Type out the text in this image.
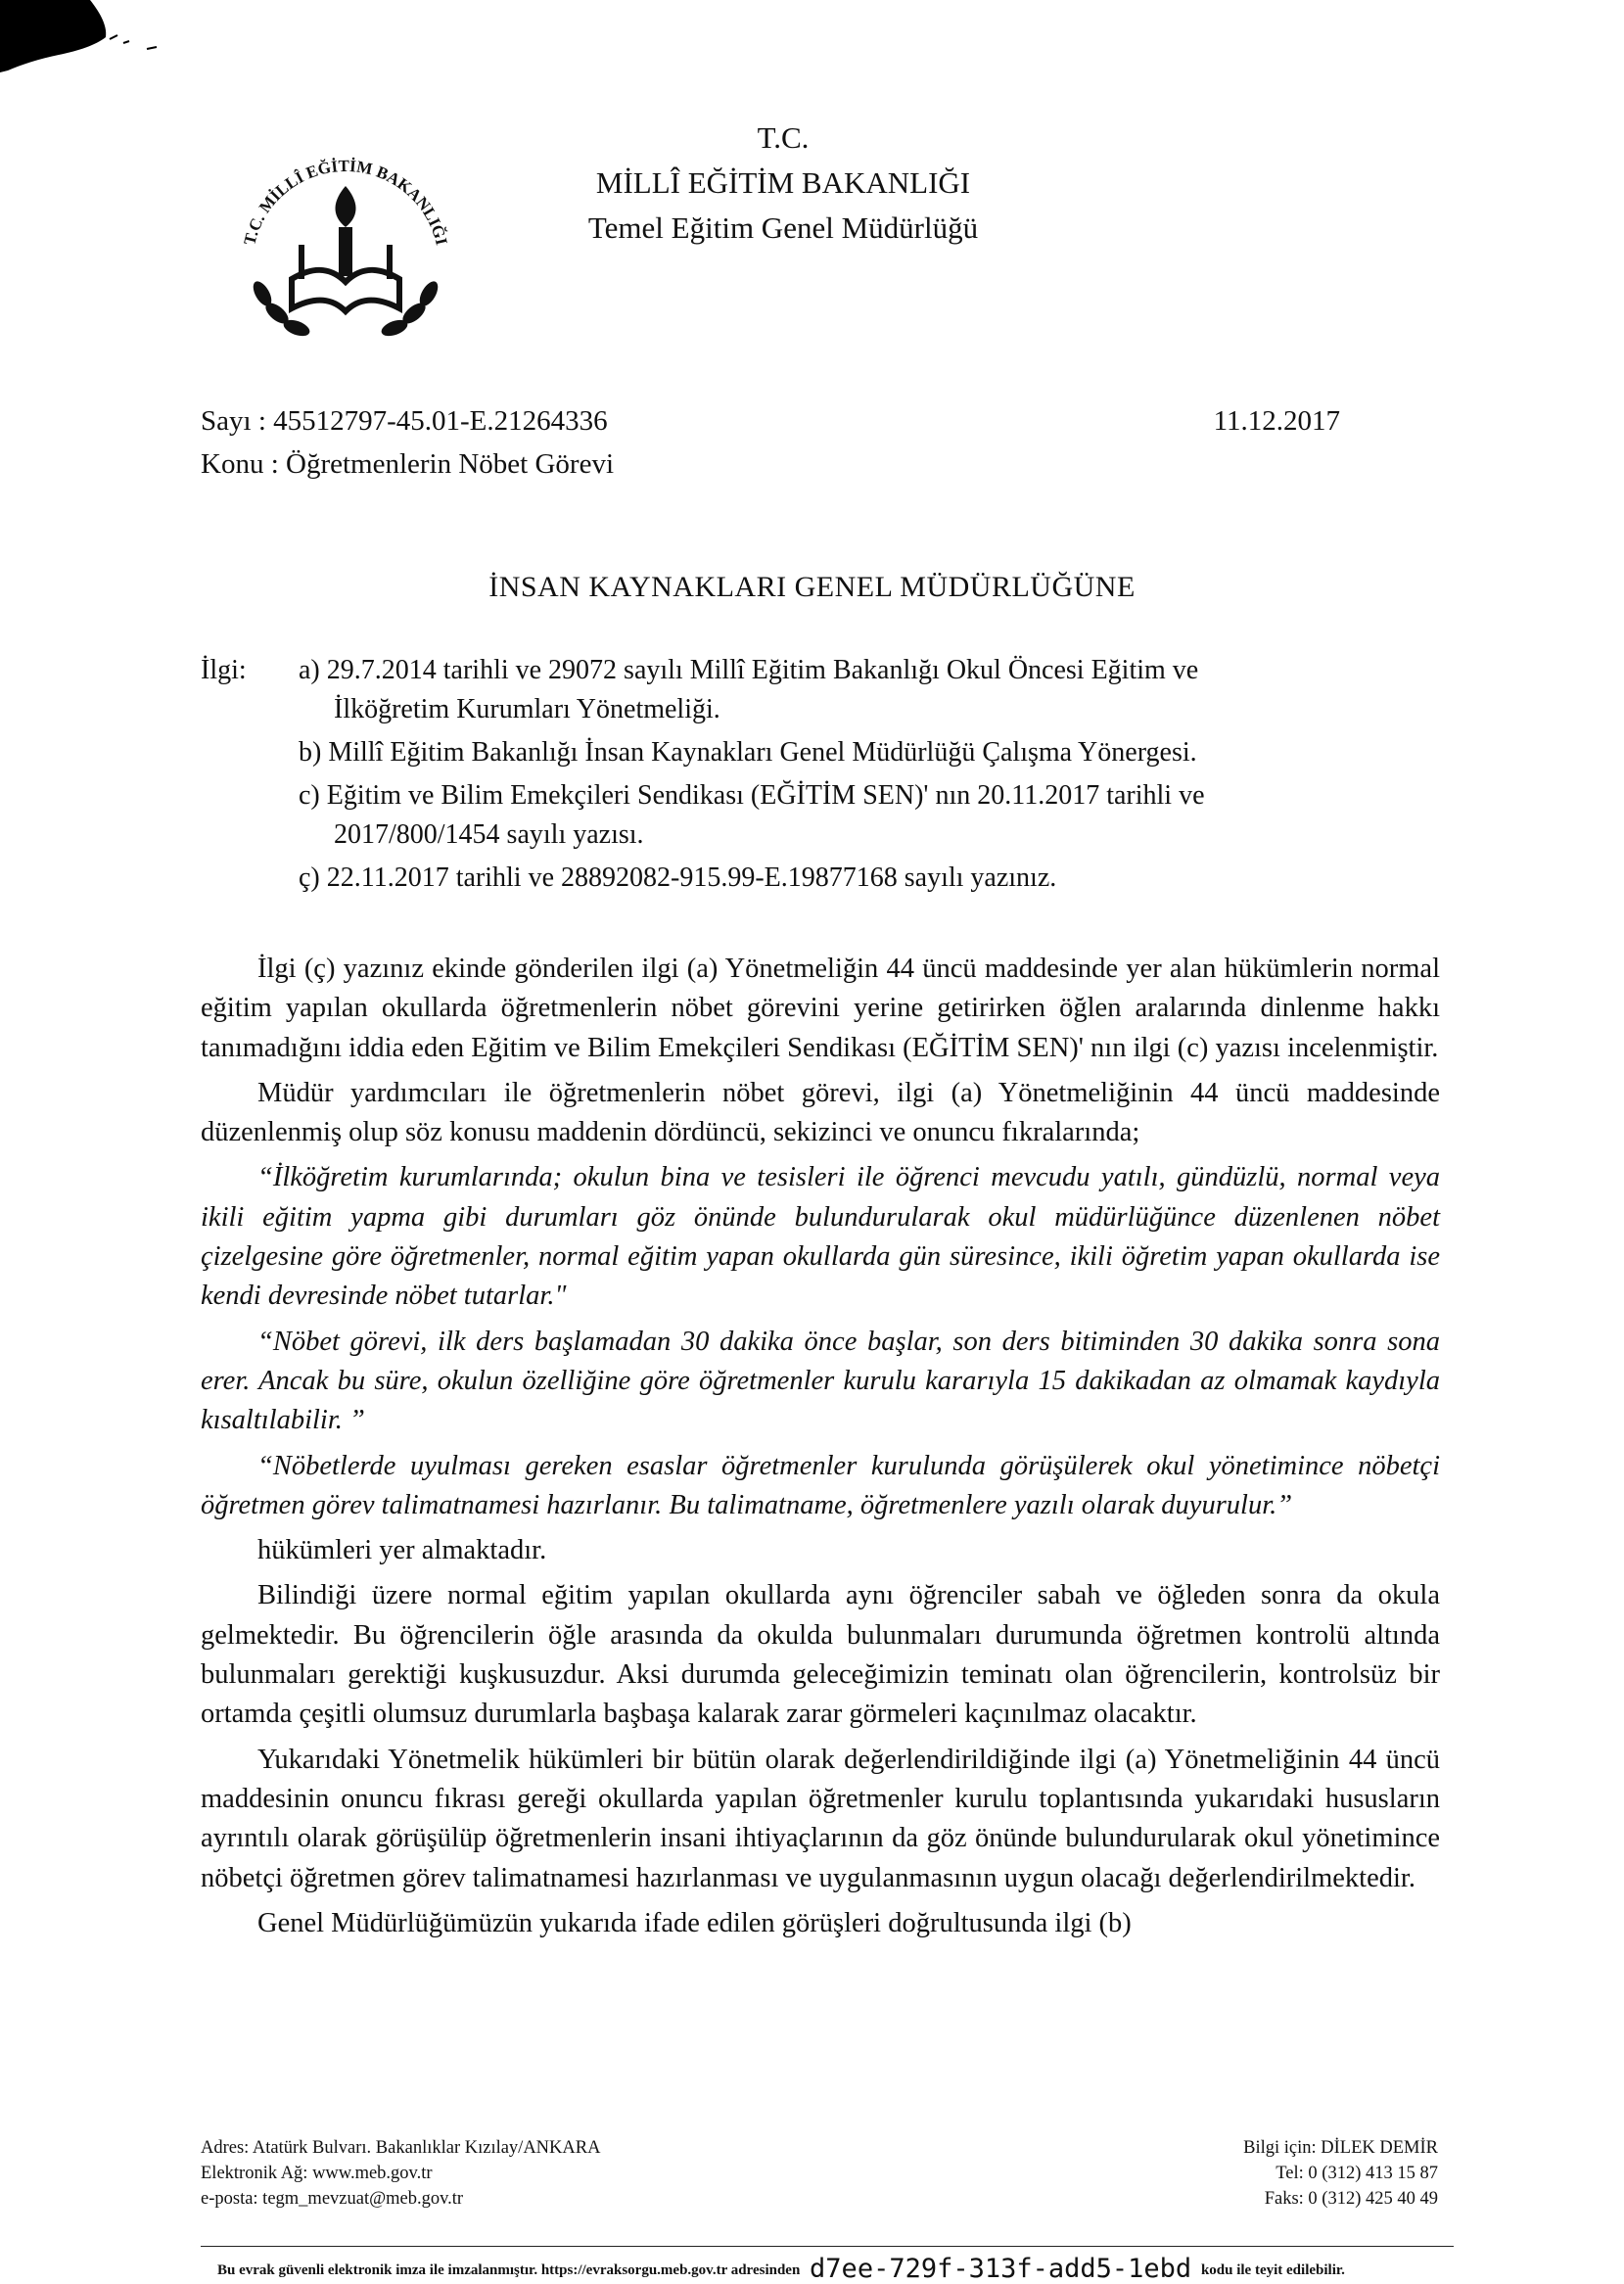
T.C. MİLLÎ EĞİTİM BAKANLIĞI
T.C.
MİLLÎ EĞİTİM BAKANLIĞI
Temel Eğitim Genel Müdürlüğü
Sayı : 45512797-45.01-E.21264336
Konu : Öğretmenlerin Nöbet Görevi
11.12.2017
İNSAN KAYNAKLARI GENEL MÜDÜRLÜĞÜNE
İlgi:	a) 29.7.2014 tarihli ve 29072 sayılı Millî Eğitim Bakanlığı Okul Öncesi Eğitim ve
İlköğretim Kurumları Yönetmeliği.
b) Millî Eğitim Bakanlığı İnsan Kaynakları Genel Müdürlüğü Çalışma Yönergesi.
c) Eğitim ve Bilim Emekçileri Sendikası (EĞİTİM SEN)' nın 20.11.2017 tarihli ve
2017/800/1454 sayılı yazısı.
ç) 22.11.2017 tarihli ve 28892082-915.99-E.19877168 sayılı yazınız.

İlgi (ç) yazınız ekinde gönderilen ilgi (a) Yönetmeliğin 44 üncü maddesinde yer alan hükümlerin normal eğitim yapılan okullarda öğretmenlerin nöbet görevini yerine getirirken öğlen aralarında dinlenme hakkı tanımadığını iddia eden Eğitim ve Bilim Emekçileri Sendikası (EĞİTİM SEN)' nın ilgi (c) yazısı incelenmiştir.

Müdür yardımcıları ile öğretmenlerin nöbet görevi, ilgi (a) Yönetmeliğinin 44 üncü maddesinde düzenlenmiş olup söz konusu maddenin dördüncü, sekizinci ve onuncu fıkralarında;

“İlköğretim kurumlarında; okulun bina ve tesisleri ile öğrenci mevcudu yatılı, gündüzlü, normal veya ikili eğitim yapma gibi durumları göz önünde bulundurularak okul müdürlüğünce düzenlenen nöbet çizelgesine göre öğretmenler, normal eğitim yapan okullarda gün süresince, ikili öğretim yapan okullarda ise kendi devresinde nöbet tutarlar."

“Nöbet görevi, ilk ders başlamadan 30 dakika önce başlar, son ders bitiminden 30 dakika sonra sona erer. Ancak bu süre, okulun özelliğine göre öğretmenler kurulu kararıyla 15 dakikadan az olmamak kaydıyla kısaltılabilir. ”

“Nöbetlerde uyulması gereken esaslar öğretmenler kurulunda görüşülerek okul yönetimince nöbetçi öğretmen görev talimatnamesi hazırlanır. Bu talimatname, öğretmenlere yazılı olarak duyurulur.”

hükümleri yer almaktadır.

Bilindiği üzere normal eğitim yapılan okullarda aynı öğrenciler sabah ve öğleden sonra da okula gelmektedir. Bu öğrencilerin öğle arasında da okulda bulunmaları durumunda öğretmen kontrolü altında bulunmaları gerektiği kuşkusuzdur. Aksi durumda geleceğimizin teminatı olan öğrencilerin, kontrolsüz bir ortamda çeşitli olumsuz durumlarla başbaşa kalarak zarar görmeleri kaçınılmaz olacaktır.

Yukarıdaki Yönetmelik hükümleri bir bütün olarak değerlendirildiğinde ilgi (a) Yönetmeliğinin 44 üncü maddesinin onuncu fıkrası gereği okullarda yapılan öğretmenler kurulu toplantısında yukarıdaki hususların ayrıntılı olarak görüşülüp öğretmenlerin insani ihtiyaçlarının da göz önünde bulundurularak okul yönetimince nöbetçi öğretmen görev talimatnamesi hazırlanması ve uygulanmasının uygun olacağı değerlendirilmektedir.

Genel Müdürlüğümüzün yukarıda ifade edilen görüşleri doğrultusunda ilgi (b)

Adres: Atatürk Bulvarı. Bakanlıklar Kızılay/ANKARA
Elektronik Ağ: www.meb.gov.tr
e-posta: tegm_mevzuat@meb.gov.tr
Bilgi için: DİLEK DEMİR
Tel: 0 (312) 413 15 87
Faks: 0 (312) 425 40 49
Bu evrak güvenli elektronik imza ile imzalanmıştır. https://evraksorgu.meb.gov.tr adresinden d7ee-729f-313f-add5-1ebd kodu ile teyit edilebilir.
